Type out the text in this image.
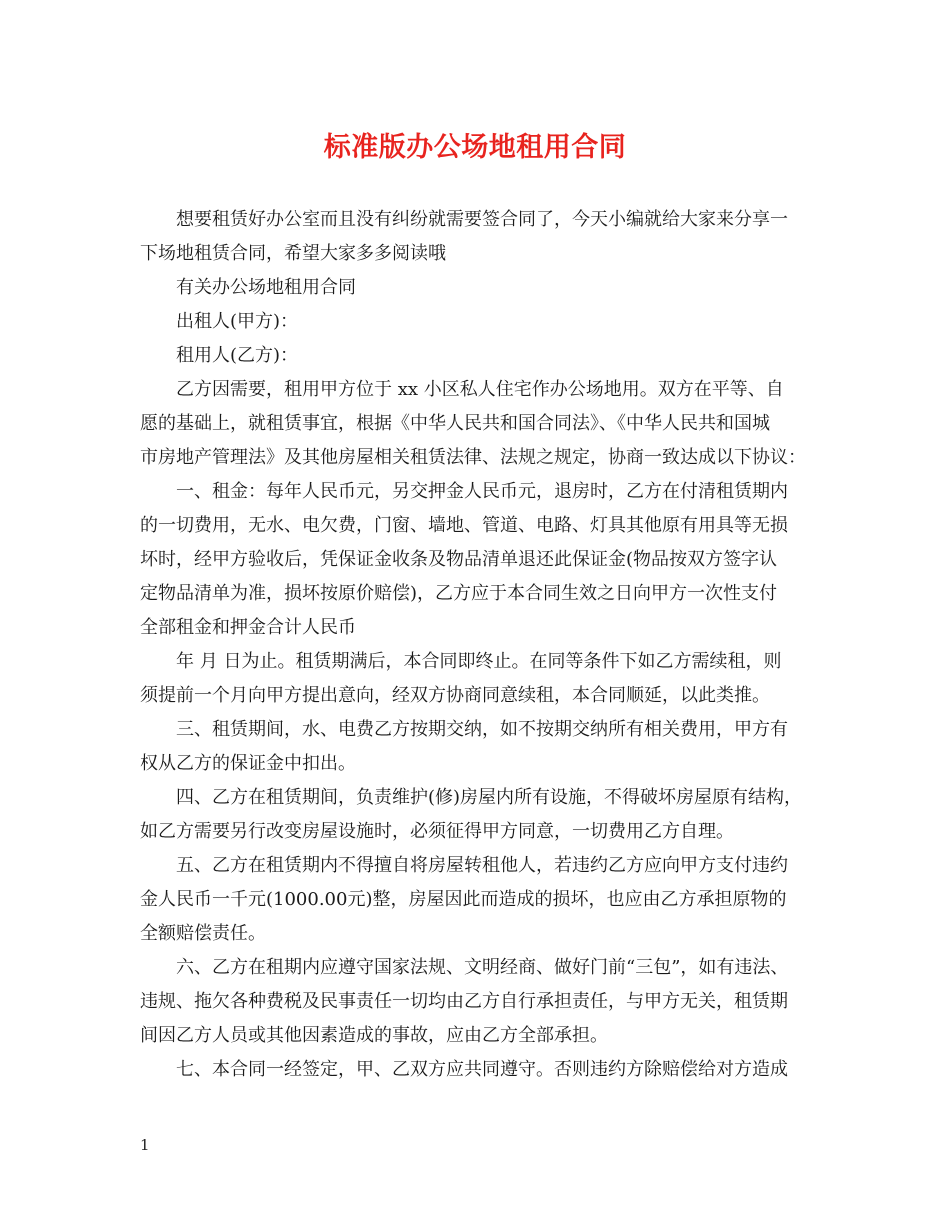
标准版办公场地租用合同
想要租赁好办公室而且没有纠纷就需要签合同了，今天小编就给大家来分享一
下场地租赁合同，希望大家多多阅读哦
有关办公场地租用合同
出租人(甲方)：
租用人(乙方)：
乙方因需要，租用甲方位于 xx 小区私人住宅作办公场地用。双方在平等、自
愿的基础上，就租赁事宜，根据《中华人民共和国合同法》、《中华人民共和国城
市房地产管理法》及其他房屋相关租赁法律、法规之规定，协商一致达成以下协议：
一、租金：每年人民币元，另交押金人民币元，退房时，乙方在付清租赁期内
的一切费用，无水、电欠费，门窗、墙地、管道、电路、灯具其他原有用具等无损
坏时，经甲方验收后，凭保证金收条及物品清单退还此保证金(物品按双方签字认
定物品清单为准，损坏按原价赔偿)，乙方应于本合同生效之日向甲方一次性支付
全部租金和押金合计人民币
年 月 日为止。租赁期满后，本合同即终止。在同等条件下如乙方需续租，则
须提前一个月向甲方提出意向，经双方协商同意续租，本合同顺延，以此类推。
三、租赁期间，水、电费乙方按期交纳，如不按期交纳所有相关费用，甲方有
权从乙方的保证金中扣出。
四、乙方在租赁期间，负责维护(修)房屋内所有设施，不得破坏房屋原有结构，
如乙方需要另行改变房屋设施时，必须征得甲方同意，一切费用乙方自理。
五、乙方在租赁期内不得擅自将房屋转租他人，若违约乙方应向甲方支付违约
金人民币一千元(1000.00元)整，房屋因此而造成的损坏，也应由乙方承担原物的
全额赔偿责任。
六、乙方在租期内应遵守国家法规、文明经商、做好门前“三包”，如有违法、
违规、拖欠各种费税及民事责任一切均由乙方自行承担责任，与甲方无关，租赁期
间因乙方人员或其他因素造成的事故，应由乙方全部承担。
七、本合同一经签定，甲、乙双方应共同遵守。否则违约方除赔偿给对方造成
1
